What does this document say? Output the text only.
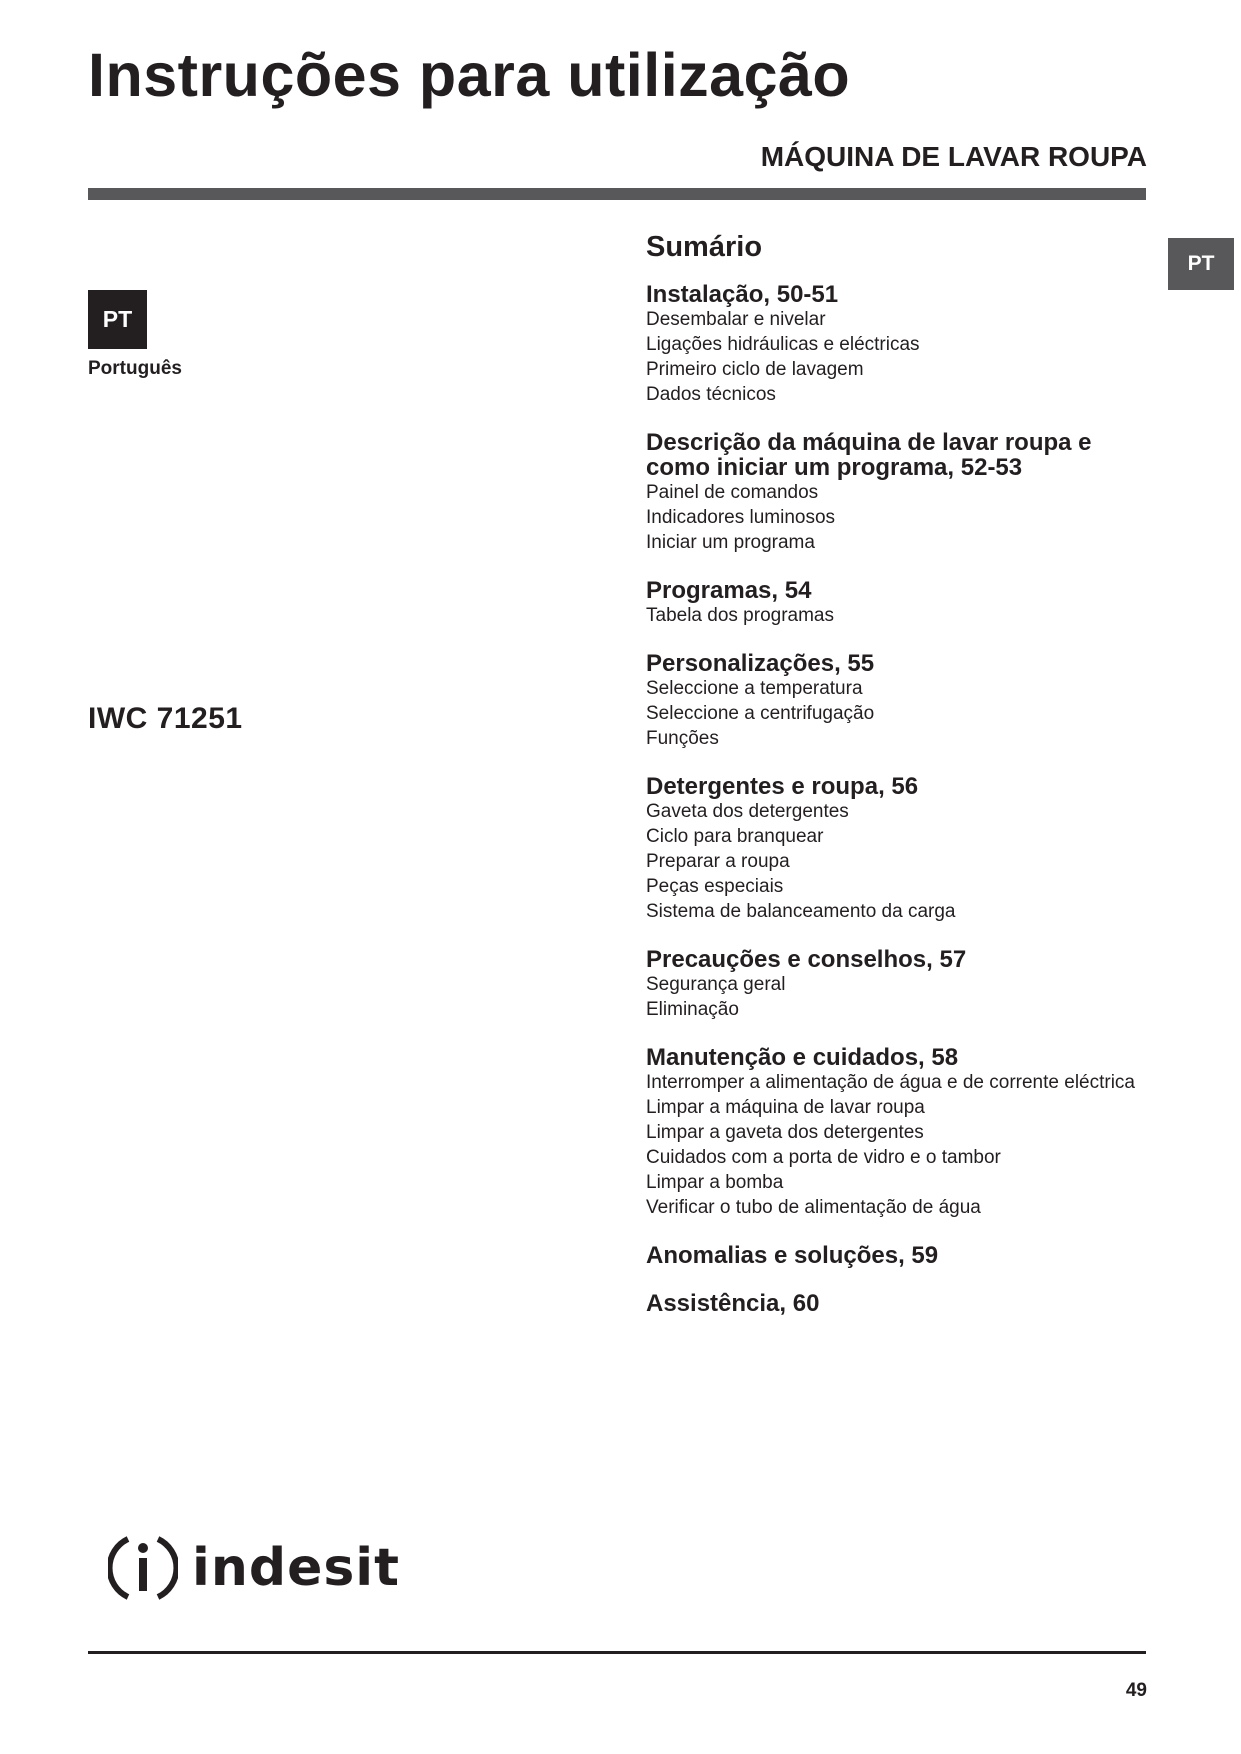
Instruções para utilização
MÁQUINA DE LAVAR ROUPA
PT
PT
Português
IWC 71251
Sumário
Instalação, 50-51
Desembalar e nivelar
Ligações hidráulicas e eléctricas
Primeiro ciclo de lavagem
Dados técnicos
Descrição da máquina de lavar roupa e como iniciar um programa, 52-53
Painel de comandos
Indicadores luminosos
Iniciar um programa
Programas, 54
Tabela dos programas
Personalizações, 55
Seleccione a temperatura
Seleccione a centrifugação
Funções
Detergentes e roupa, 56
Gaveta dos detergentes
Ciclo para branquear
Preparar a roupa
Peças especiais
Sistema de balanceamento da carga
Precauções e conselhos, 57
Segurança geral
Eliminação
Manutenção e cuidados, 58
Interromper a alimentação de água e de corrente eléctrica
Limpar a máquina de lavar roupa
Limpar a gaveta dos detergentes
Cuidados com a porta de vidro e o tambor
Limpar a bomba
Verificar o tubo de alimentação de água
Anomalias e soluções, 59
Assistência, 60
indesit
49
